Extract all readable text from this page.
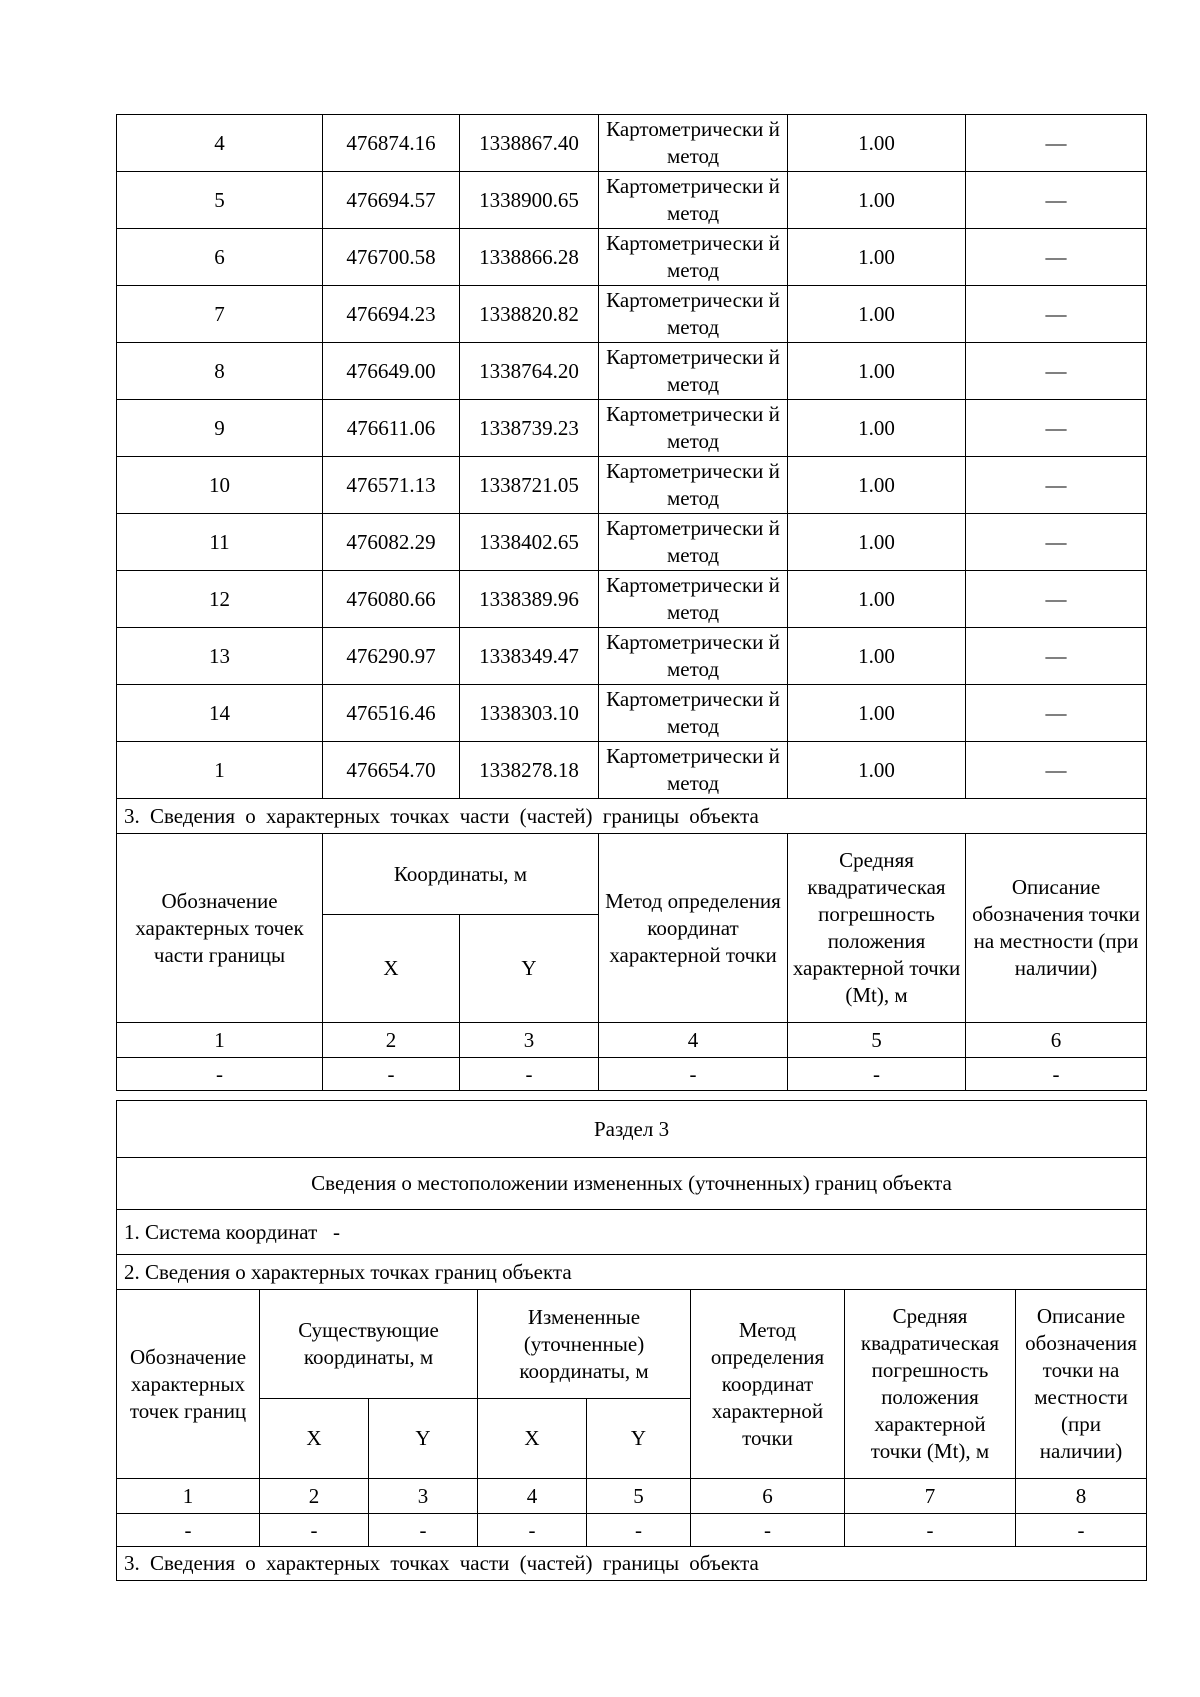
4	476874.16	1338867.40	Картометрически й метод	1.00	—
5	476694.57	1338900.65	Картометрически й метод	1.00	—
6	476700.58	1338866.28	Картометрически й метод	1.00	—
7	476694.23	1338820.82	Картометрически й метод	1.00	—
8	476649.00	1338764.20	Картометрически й метод	1.00	—
9	476611.06	1338739.23	Картометрически й метод	1.00	—
10	476571.13	1338721.05	Картометрически й метод	1.00	—
11	476082.29	1338402.65	Картометрически й метод	1.00	—
12	476080.66	1338389.96	Картометрически й метод	1.00	—
13	476290.97	1338349.47	Картометрически й метод	1.00	—
14	476516.46	1338303.10	Картометрически й метод	1.00	—
1	476654.70	1338278.18	Картометрически й метод	1.00	—
3. Сведения о характерных точках части (частей) границы объекта					
Обозначение характерных точек части границы	Координаты, м		Метод определения координат характерной точки	Средняя квадратическая погрешность положения характерной точки (Mt), м	Описание обозначения точки на местности (при наличии)
	X	Y			
1	2	3	4	5	6
-	-	-	-	-	-
Раздел 3							
Сведения о местоположении измененных (уточненных) границ объекта							
1. Система координат   -							
2. Сведения о характерных точках границ объекта							
Обозначение характерных точек границ	Существующие координаты, м		Измененные (уточненные) координаты, м		Метод определения координат характерной точки	Средняя квадратическая погрешность положения характерной точки (Mt), м	Описание обозначения точки на местности (при наличии)
	X	Y	X	Y			
1	2	3	4	5	6	7	8
-	-	-	-	-	-	-	-
3. Сведения о характерных точках части (частей) границы объекта							
